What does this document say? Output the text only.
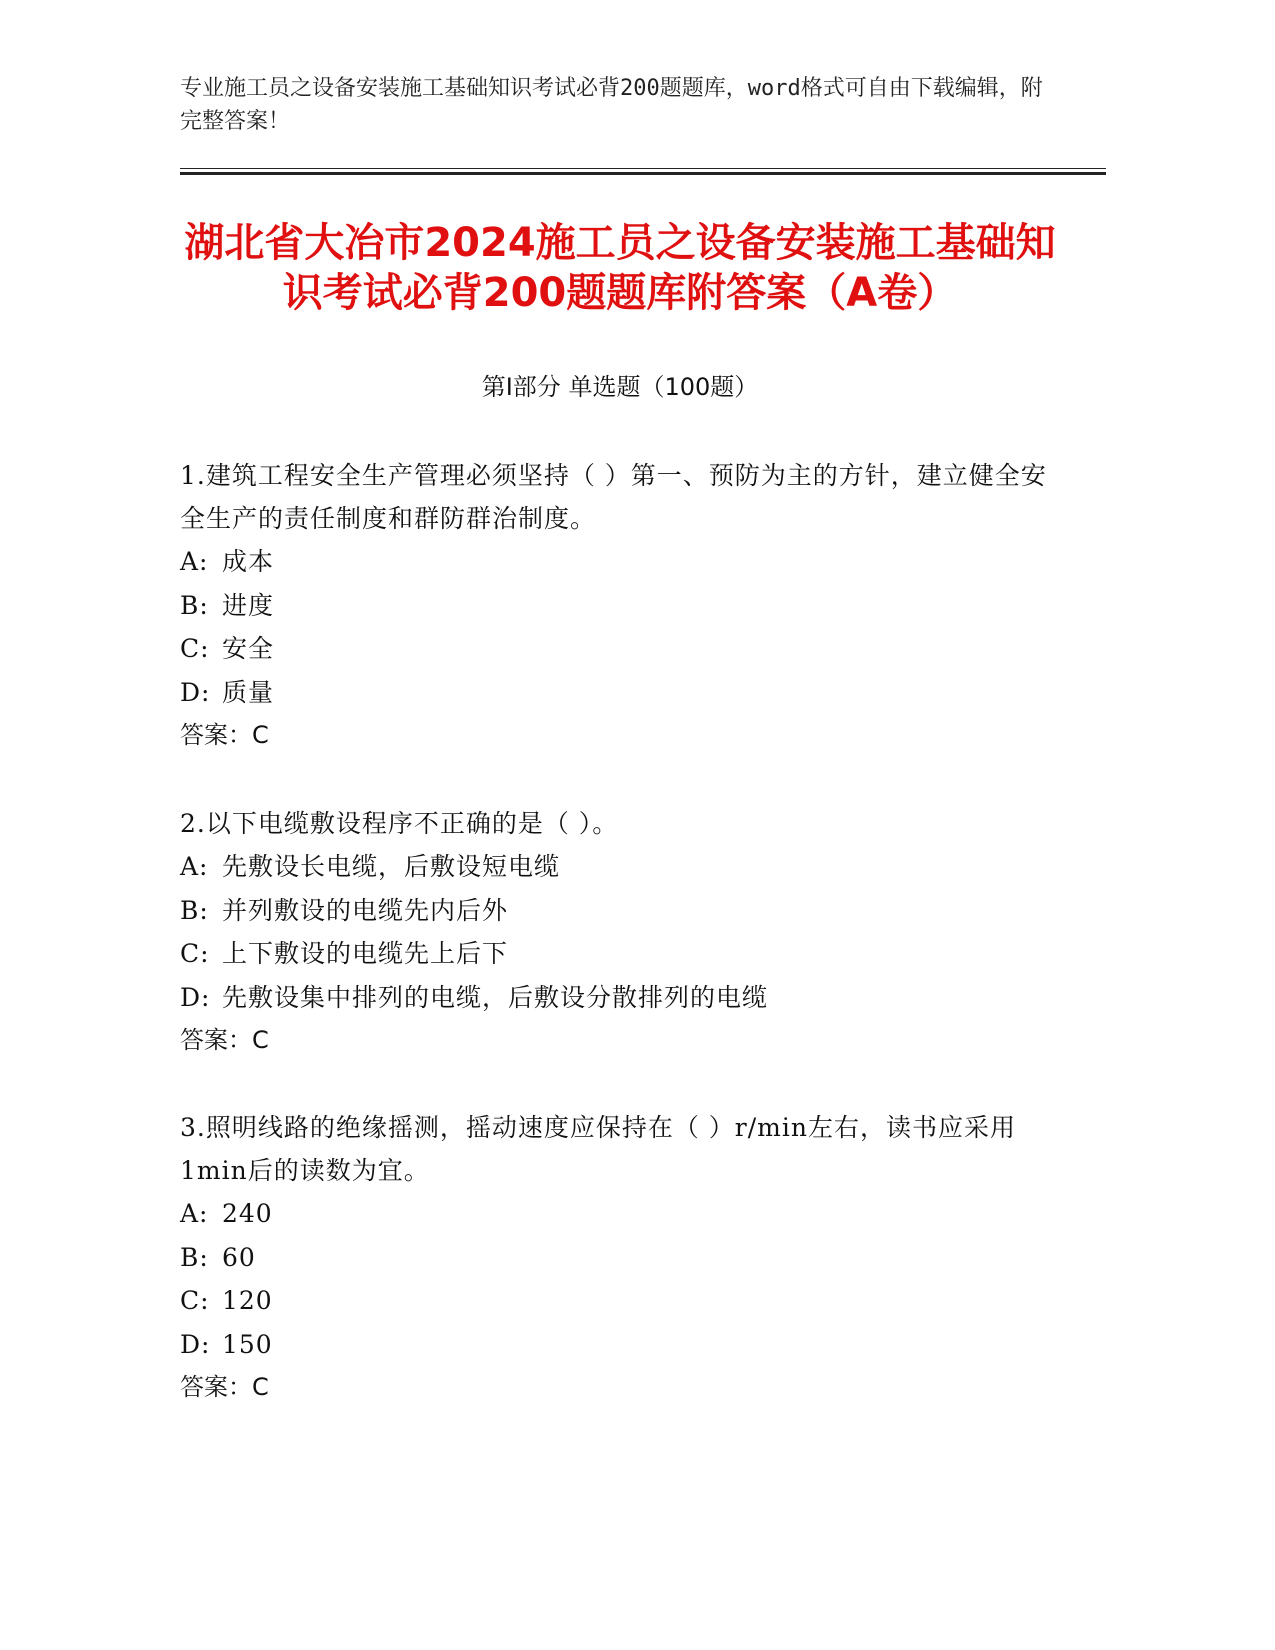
专业施工员之设备安装施工基础知识考试必背200题题库，word格式可自由下载编辑，附完整答案！
湖北省大冶市2024施工员之设备安装施工基础知识考试必背200题题库附答案（A卷）
第Ⅰ部分 单选题（100题）
1.建筑工程安全生产管理必须坚持（ ）第一、预防为主的方针，建立健全安全生产的责任制度和群防群治制度。
A: 成本
B: 进度
C: 安全
D: 质量
答案：C
2.以下电缆敷设程序不正确的是（ ）。
A: 先敷设长电缆，后敷设短电缆
B: 并列敷设的电缆先内后外
C: 上下敷设的电缆先上后下
D: 先敷设集中排列的电缆，后敷设分散排列的电缆
答案：C
3.照明线路的绝缘摇测，摇动速度应保持在（ ）r/min左右，读书应采用1min后的读数为宜。
A: 240
B: 60
C: 120
D: 150
答案：C
